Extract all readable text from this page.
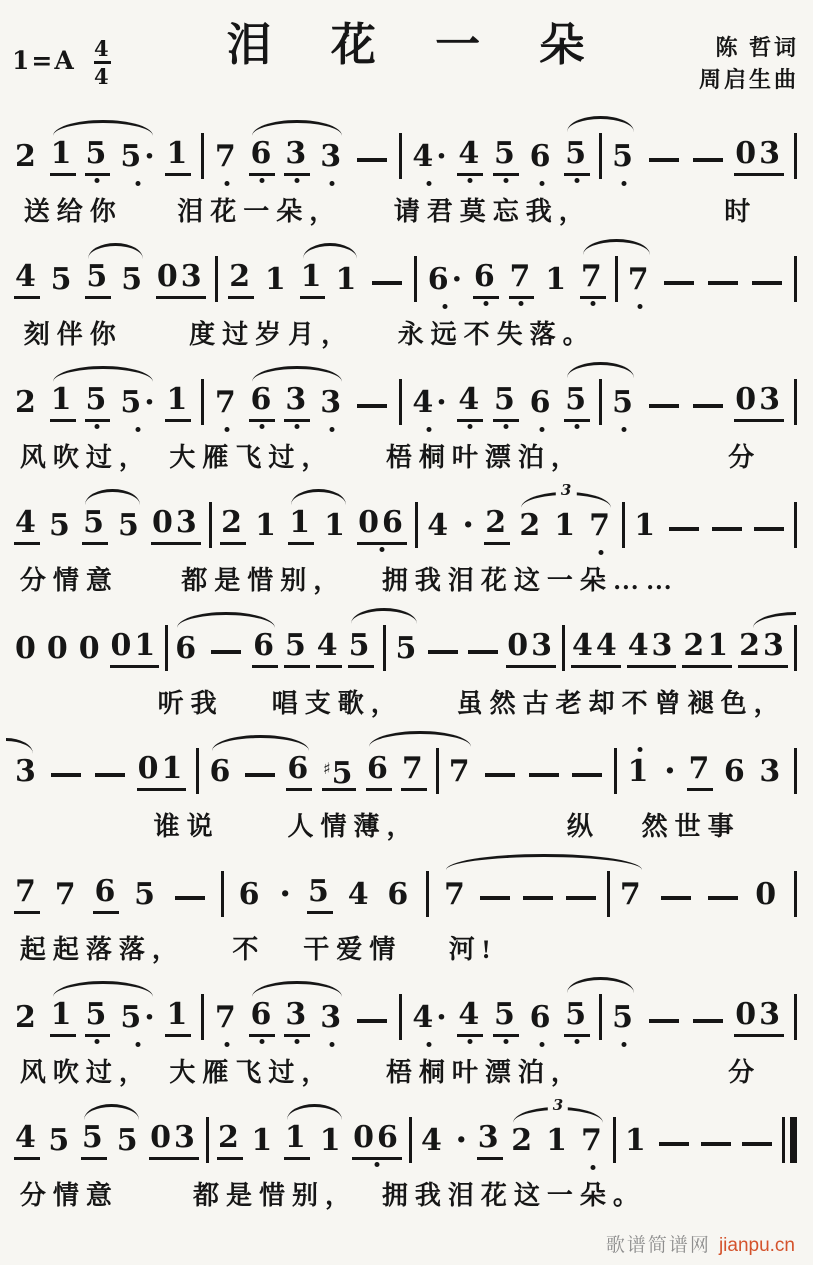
$1=A \frac{4}{4}$	泪 花 一 朵	陈 哲词
周启生曲
2 1 5 5· 1 7 6 3 3 4· 4 5 6 5 5	03
送给你 泪花一朵， 请君莫忘我，	时
4 5 5 5 03 2 1 1 1 6· 6 7 1 7 7
刻伴你	度过岁月， 永远不失落。
2 1 5 5· 1 7 6 3 3 4· 4 5 6 5 5	03
风吹过， 大雁飞过， 梧桐叶漂泊，	分
4 5 5 5 03 2 1 1 1 06 4 · 2 2 1 7
3 1
分情意 都是惜别， 拥我泪花这一朵……
0 0 0 01 6 6 5 4 5 5	03 44 43 21 23
听我 唱支歌， 虽然古老却不曾褪色，
3	01 6 6 ♯5 6 7 7	1 · 7 6 3
谁说	人情薄，	纵 然世事
7 7 6 5	6 · 5 4 6 7	7	0
起起落落， 不 干爱情 河!
2 1 5 5· 1 7 6 3 3 4· 4 5 6 5 5	03
风吹过， 大雁飞过， 梧桐叶漂泊，	分
4 5 5 5 03 2 1 1 1 06 4 · 3 2 1 7
3 1
分情意	都是惜别， 拥我泪花这一朵。
歌谱简谱网 jianpu.cn
